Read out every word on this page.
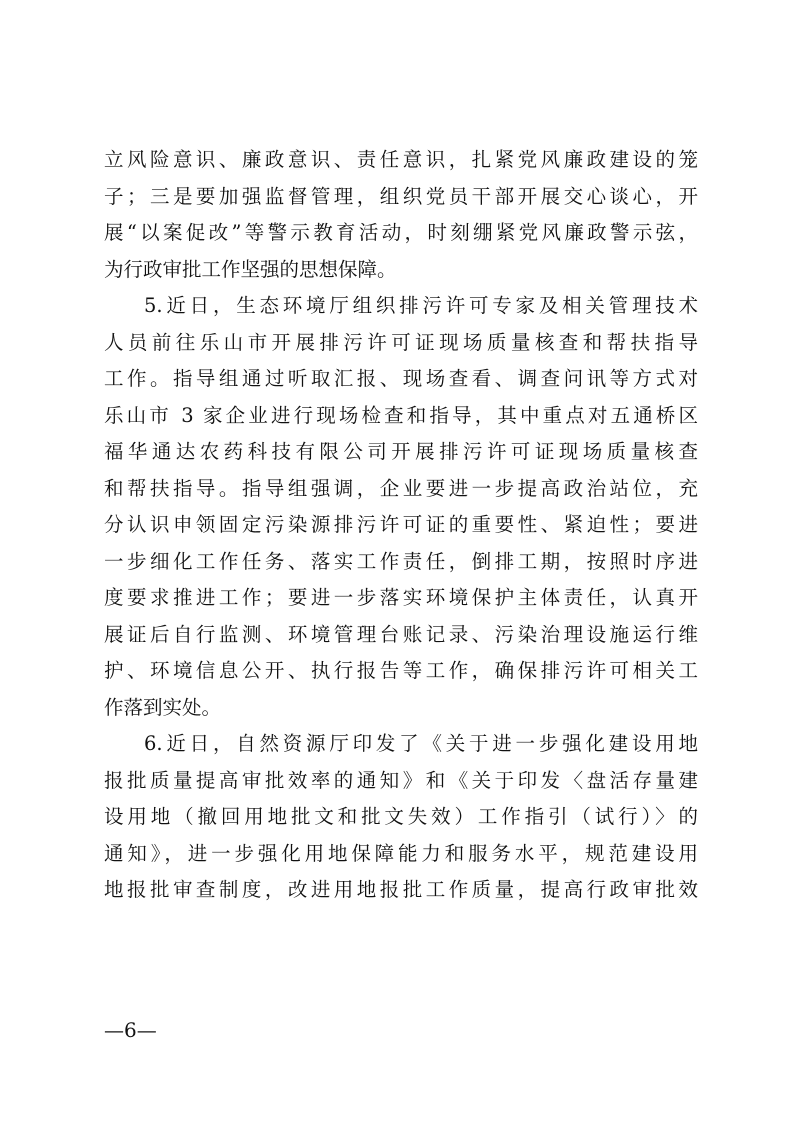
立风险意识、廉政意识、责任意识，扎紧党风廉政建设的笼
子；三是要加强监督管理，组织党员干部开展交心谈心，开
展“以案促改”等警示教育活动，时刻绷紧党风廉政警示弦，
为行政审批工作坚强的思想保障。
5.近日，生态环境厅组织排污许可专家及相关管理技术
人员前往乐山市开展排污许可证现场质量核查和帮扶指导
工作。指导组通过听取汇报、现场查看、调查问讯等方式对
乐山市 3 家企业进行现场检查和指导，其中重点对五通桥区
福华通达农药科技有限公司开展排污许可证现场质量核查
和帮扶指导。指导组强调，企业要进一步提高政治站位，充
分认识申领固定污染源排污许可证的重要性、紧迫性；要进
一步细化工作任务、落实工作责任，倒排工期，按照时序进
度要求推进工作；要进一步落实环境保护主体责任，认真开
展证后自行监测、环境管理台账记录、污染治理设施运行维
护、环境信息公开、执行报告等工作，确保排污许可相关工
作落到实处。
6.近日，自然资源厅印发了《关于进一步强化建设用地
报批质量提高审批效率的通知》和《关于印发〈盘活存量建
设用地（撤回用地批文和批文失效）工作指引（试行）〉的
通知》，进一步强化用地保障能力和服务水平，规范建设用
地报批审查制度，改进用地报批工作质量，提高行政审批效
—6—
